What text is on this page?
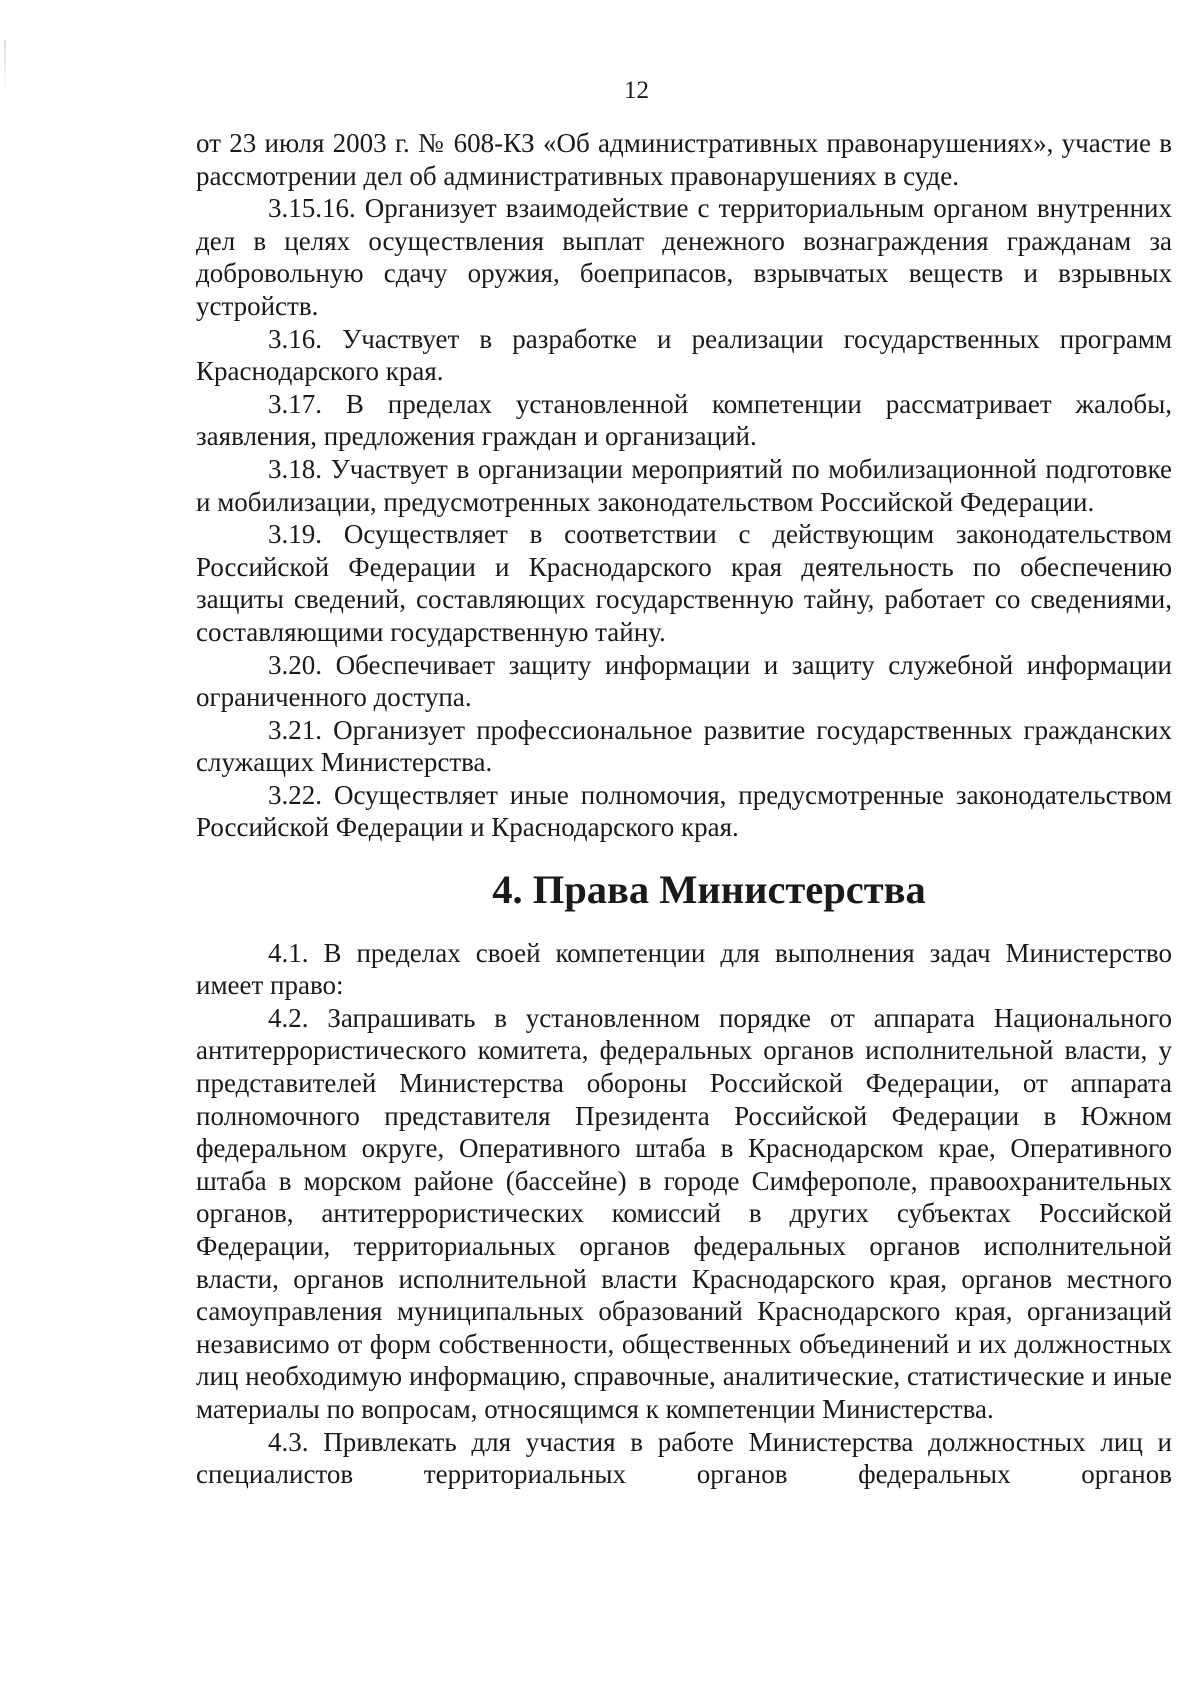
12

от 23 июля 2003 г. № 608-КЗ «Об административных правонарушениях», участие в рассмотрении дел об административных правонарушениях в суде.

3.15.16. Организует взаимодействие с территориальным органом внутренних дел в целях осуществления выплат денежного вознаграждения гражданам за добровольную сдачу оружия, боеприпасов, взрывчатых веществ и взрывных устройств.

3.16. Участвует в разработке и реализации государственных программ Краснодарского края.

3.17. В пределах установленной компетенции рассматривает жалобы, заявления, предложения граждан и организаций.

3.18. Участвует в организации мероприятий по мобилизационной подготовке и мобилизации, предусмотренных законодательством Российской Федерации.

3.19. Осуществляет в соответствии с действующим законодательством Российской Федерации и Краснодарского края деятельность по обеспечению защиты сведений, составляющих государственную тайну, работает со сведениями, составляющими государственную тайну.

3.20. Обеспечивает защиту информации и защиту служебной информации ограниченного доступа.

3.21. Организует профессиональное развитие государственных гражданских служащих Министерства.

3.22. Осуществляет иные полномочия, предусмотренные законодательством Российской Федерации и Краснодарского края.

4. Права Министерства

4.1. В пределах своей компетенции для выполнения задач Министерство имеет право:

4.2. Запрашивать в установленном порядке от аппарата Национального антитеррористического комитета, федеральных органов исполнительной власти, у представителей Министерства обороны Российской Федерации, от аппарата полномочного представителя Президента Российской Федерации в Южном федеральном округе, Оперативного штаба в Краснодарском крае, Оперативного штаба в морском районе (бассейне) в городе Симферополе, правоохранительных органов, антитеррористических комиссий в других субъектах Российской Федерации, территориальных органов федеральных органов исполнительной власти, органов исполнительной власти Краснодарского края, органов местного самоуправления муниципальных образований Краснодарского края, организаций независимо от форм собственности, общественных объединений и их должностных лиц необходимую информацию, справочные, аналитические, статистические и иные материалы по вопросам, относящимся к компетенции Министерства.

4.3. Привлекать для участия в работе Министерства должностных лиц и специалистов территориальных органов федеральных органов
